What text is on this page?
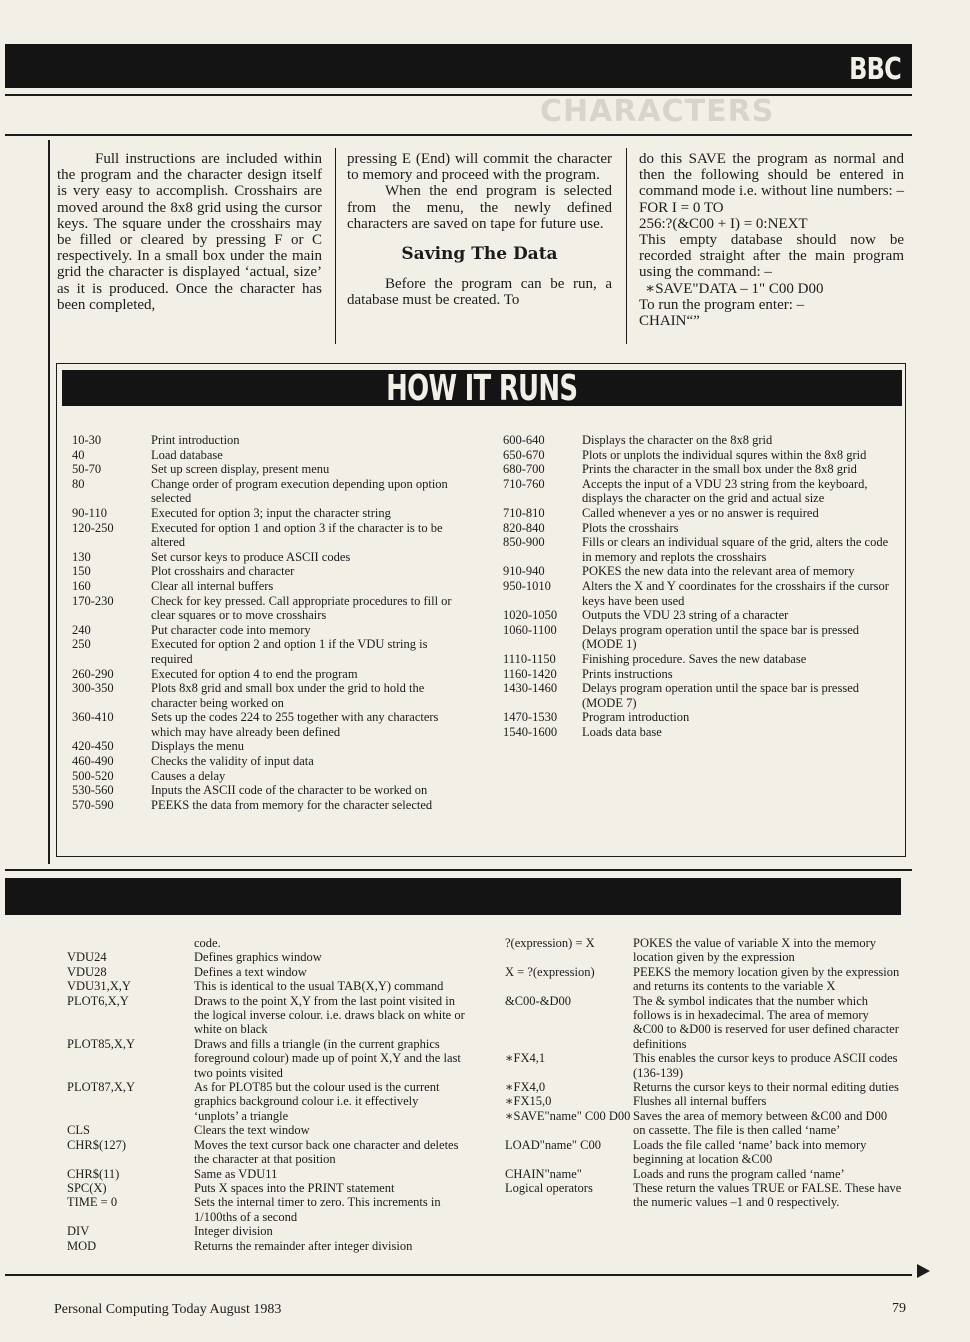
BBC
CHARACTERS

Full instructions are included within the program and the character design itself is very easy to accomplish. Crosshairs are moved around the 8x8 grid using the cursor keys. The square under the crosshairs may be filled or cleared by pressing F or C respectively. In a small box under the main grid the character is displayed ‘actual, size’ as it is produced. Once the character has been completed,

pressing E (End) will commit the character to memory and proceed with the program.

When the end program is selected from the menu, the newly defined characters are saved on tape for future use.

Saving The Data

Before the program can be run, a database must be created. To

do this SAVE the program as normal and then the following should be entered in command mode i.e. without line numbers: –

FOR I = 0 TO

256:?(&C00 + I) = 0:NEXT

This empty database should now be recorded straight after the main program using the command: –

∗SAVE"DATA – 1" C00 D00

To run the program enter: –

CHAIN“”

HOW IT RUNS
10-30	Print introduction
40	Load database
50-70	Set up screen display, present menu
80	Change order of program execution depending upon option selected
90-110	Executed for option 3; input the character string
120-250	Executed for option 1 and option 3 if the character is to be altered
130	Set cursor keys to produce ASCII codes
150	Plot crosshairs and character
160	Clear all internal buffers
170-230	Check for key pressed. Call appropriate procedures to fill or clear squares or to move crosshairs
240	Put character code into memory
250	Executed for option 2 and option 1 if the VDU string is required
260-290	Executed for option 4 to end the program
300-350	Plots 8x8 grid and small box under the grid to hold the character being worked on
360-410	Sets up the codes 224 to 255 together with any characters which may have already been defined
420-450	Displays the menu
460-490	Checks the validity of input data
500-520	Causes a delay
530-560	Inputs the ASCII code of the character to be worked on
570-590	PEEKS the data from memory for the character selected
600-640	Displays the character on the 8x8 grid
650-670	Plots or unplots the individual squres within the 8x8 grid
680-700	Prints the character in the small box under the 8x8 grid
710-760	Accepts the input of a VDU 23 string from the keyboard, displays the character on the grid and actual size
710-810	Called whenever a yes or no answer is required
820-840	Plots the crosshairs
850-900	Fills or clears an individual square of the grid, alters the code in memory and replots the crosshairs
910-940	POKES the new data into the relevant area of memory
950-1010	Alters the X and Y coordinates for the crosshairs if the cursor keys have been used
1020-1050	Outputs the VDU 23 string of a character
1060-1100	Delays program operation until the space bar is pressed (MODE 1)
1110-1150	Finishing procedure. Saves the new database
1160-1420	Prints instructions
1430-1460	Delays program operation until the space bar is pressed (MODE 7)
1470-1530	Program introduction
1540-1600	Loads data base
code.
VDU24	Defines graphics window
VDU28	Defines a text window
VDU31,X,Y	This is identical to the usual TAB(X,Y) command
PLOT6,X,Y	Draws to the point X,Y from the last point visited in the logical inverse colour. i.e. draws black on white or white on black
PLOT85,X,Y	Draws and fills a triangle (in the current graphics foreground colour) made up of point X,Y and the last two points visited
PLOT87,X,Y	As for PLOT85 but the colour used is the current graphics background colour i.e. it effectively ‘unplots’ a triangle
CLS	Clears the text window
CHR$(127)	Moves the text cursor back one character and deletes the character at that position
CHR$(11)	Same as VDU11
SPC(X)	Puts X spaces into the PRINT statement
TIME = 0	Sets the internal timer to zero. This increments in 1/100ths of a second
DIV	Integer division
MOD	Returns the remainder after integer division
?(expression) = X	POKES the value of variable X into the memory location given by the expression
X = ?(expression)	PEEKS the memory location given by the expression and returns its contents to the variable X
&C00-&D00	The & symbol indicates that the number which follows is in hexadecimal. The area of memory &C00 to &D00 is reserved for user defined character definitions
∗FX4,1	This enables the cursor keys to produce ASCII codes (136-139)
∗FX4,0	Returns the cursor keys to their normal editing duties
∗FX15,0	Flushes all internal buffers
∗SAVE"name" C00 D00 Saves the area of memory between &C00 and D00 on cassette. The file is then called ‘name’
LOAD"name" C00	Loads the file called ‘name’ back into memory beginning at location &C00
CHAIN"name"	Loads and runs the program called ‘name’
Logical operators	These return the values TRUE or FALSE. These have the numeric values –1 and 0 respectively.
Personal Computing Today August 1983	79
